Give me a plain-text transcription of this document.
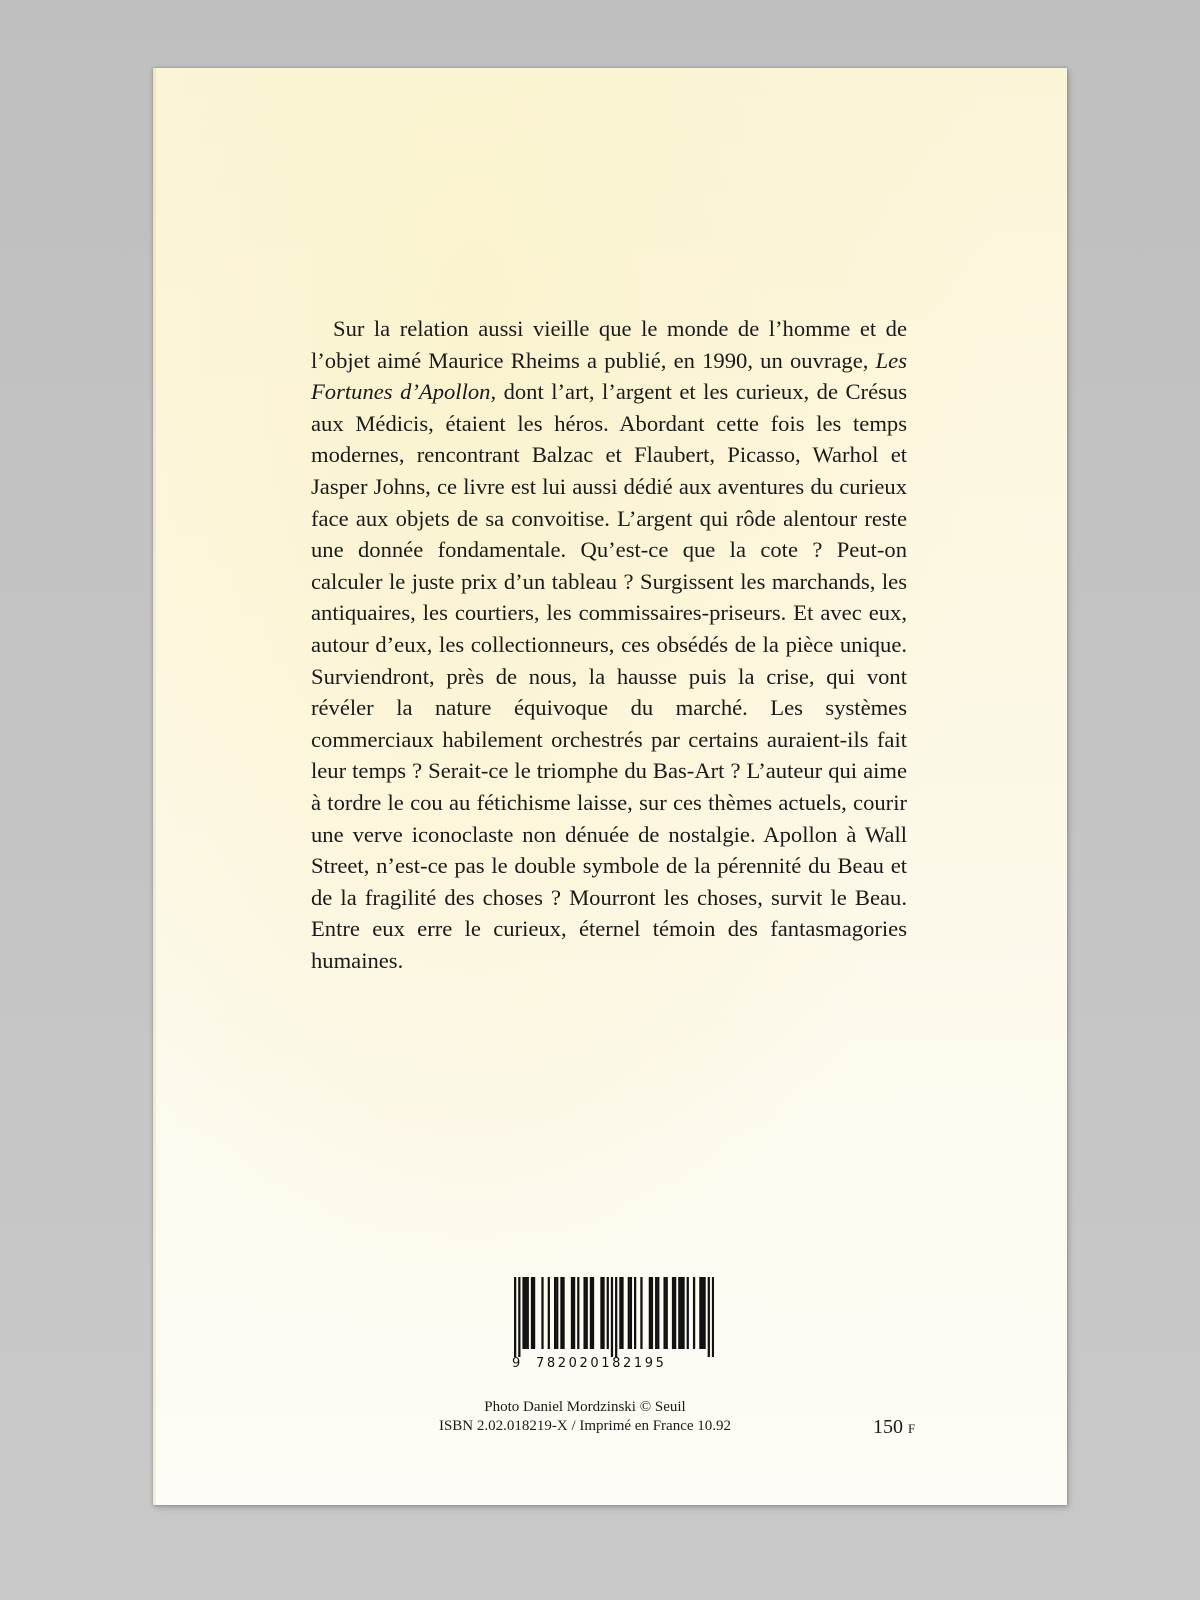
Sur la relation aussi vieille que le monde de l’homme et de l’objet aimé Maurice Rheims a publié, en 1990, un ouvrage, Les Fortunes d’Apollon, dont l’art, l’argent et les curieux, de Crésus aux Médicis, étaient les héros. Abordant cette fois les temps modernes, rencontrant Balzac et Flaubert, Picasso, Warhol et Jasper Johns, ce livre est lui aussi dédié aux aventures du curieux face aux objets de sa convoitise. L’argent qui rôde alentour reste une donnée fondamentale. Qu’est-ce que la cote ? Peut-on calculer le juste prix d’un tableau ? Surgissent les marchands, les antiquaires, les courtiers, les commissaires-priseurs. Et avec eux, autour d’eux, les collectionneurs, ces obsédés de la pièce unique. Surviendront, près de nous, la hausse puis la crise, qui vont révéler la nature équivoque du marché. Les systèmes commerciaux habilement orchestrés par certains auraient-ils fait leur temps ? Serait-ce le triomphe du Bas-Art ? L’auteur qui aime à tordre le cou au fétichisme laisse, sur ces thèmes actuels, courir une verve iconoclaste non dénuée de nostalgie. Apollon à Wall Street, n’est-ce pas le double symbole de la pérennité du Beau et de la fragilité des choses ? Mourront les choses, survit le Beau. Entre eux erre le curieux, éternel témoin des fantasmagories humaines.

9 782020182195
Photo Daniel Mordzinski © Seuil
ISBN 2.02.018219-X / Imprimé en France 10.92	150 F
